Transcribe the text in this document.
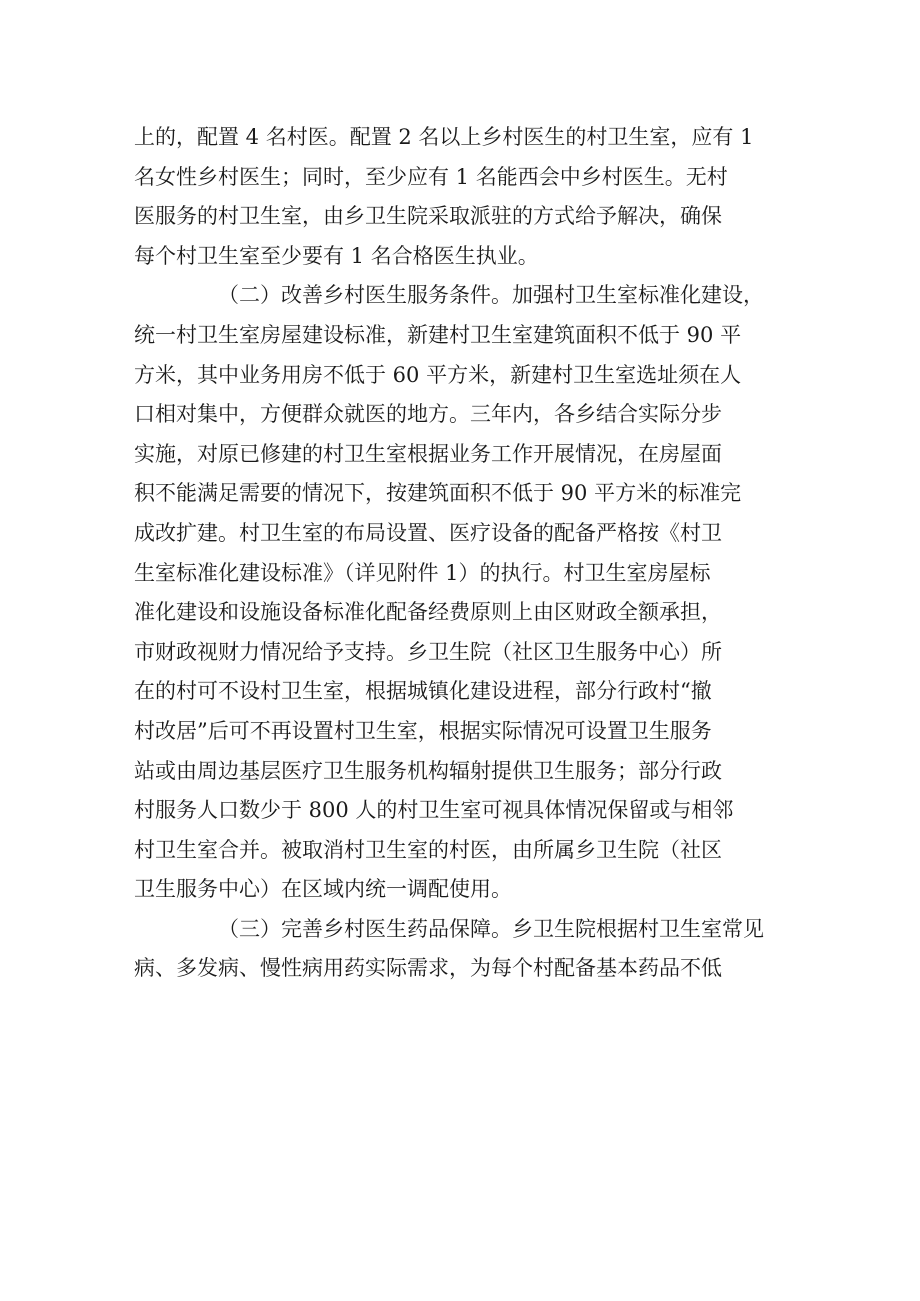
上的，配置 4 名村医。配置 2 名以上乡村医生的村卫生室，应有 1
名女性乡村医生；同时，至少应有 1 名能西会中乡村医生。无村
医服务的村卫生室，由乡卫生院采取派驻的方式给予解决，确保
每个村卫生室至少要有 1 名合格医生执业。
（二）改善乡村医生服务条件。加强村卫生室标准化建设，
统一村卫生室房屋建设标准，新建村卫生室建筑面积不低于 90 平
方米，其中业务用房不低于 60 平方米，新建村卫生室选址须在人
口相对集中，方便群众就医的地方。三年内，各乡结合实际分步
实施，对原已修建的村卫生室根据业务工作开展情况，在房屋面
积不能满足需要的情况下，按建筑面积不低于 90 平方米的标准完
成改扩建。村卫生室的布局设置、医疗设备的配备严格按《村卫
生室标准化建设标准》（详见附件 1）的执行。村卫生室房屋标
准化建设和设施设备标准化配备经费原则上由区财政全额承担，
市财政视财力情况给予支持。乡卫生院（社区卫生服务中心）所
在的村可不设村卫生室，根据城镇化建设进程，部分行政村“撤
村改居”后可不再设置村卫生室，根据实际情况可设置卫生服务
站或由周边基层医疗卫生服务机构辐射提供卫生服务；部分行政
村服务人口数少于 800 人的村卫生室可视具体情况保留或与相邻
村卫生室合并。被取消村卫生室的村医，由所属乡卫生院（社区
卫生服务中心）在区域内统一调配使用。
（三）完善乡村医生药品保障。乡卫生院根据村卫生室常见
病、多发病、慢性病用药实际需求，为每个村配备基本药品不低
